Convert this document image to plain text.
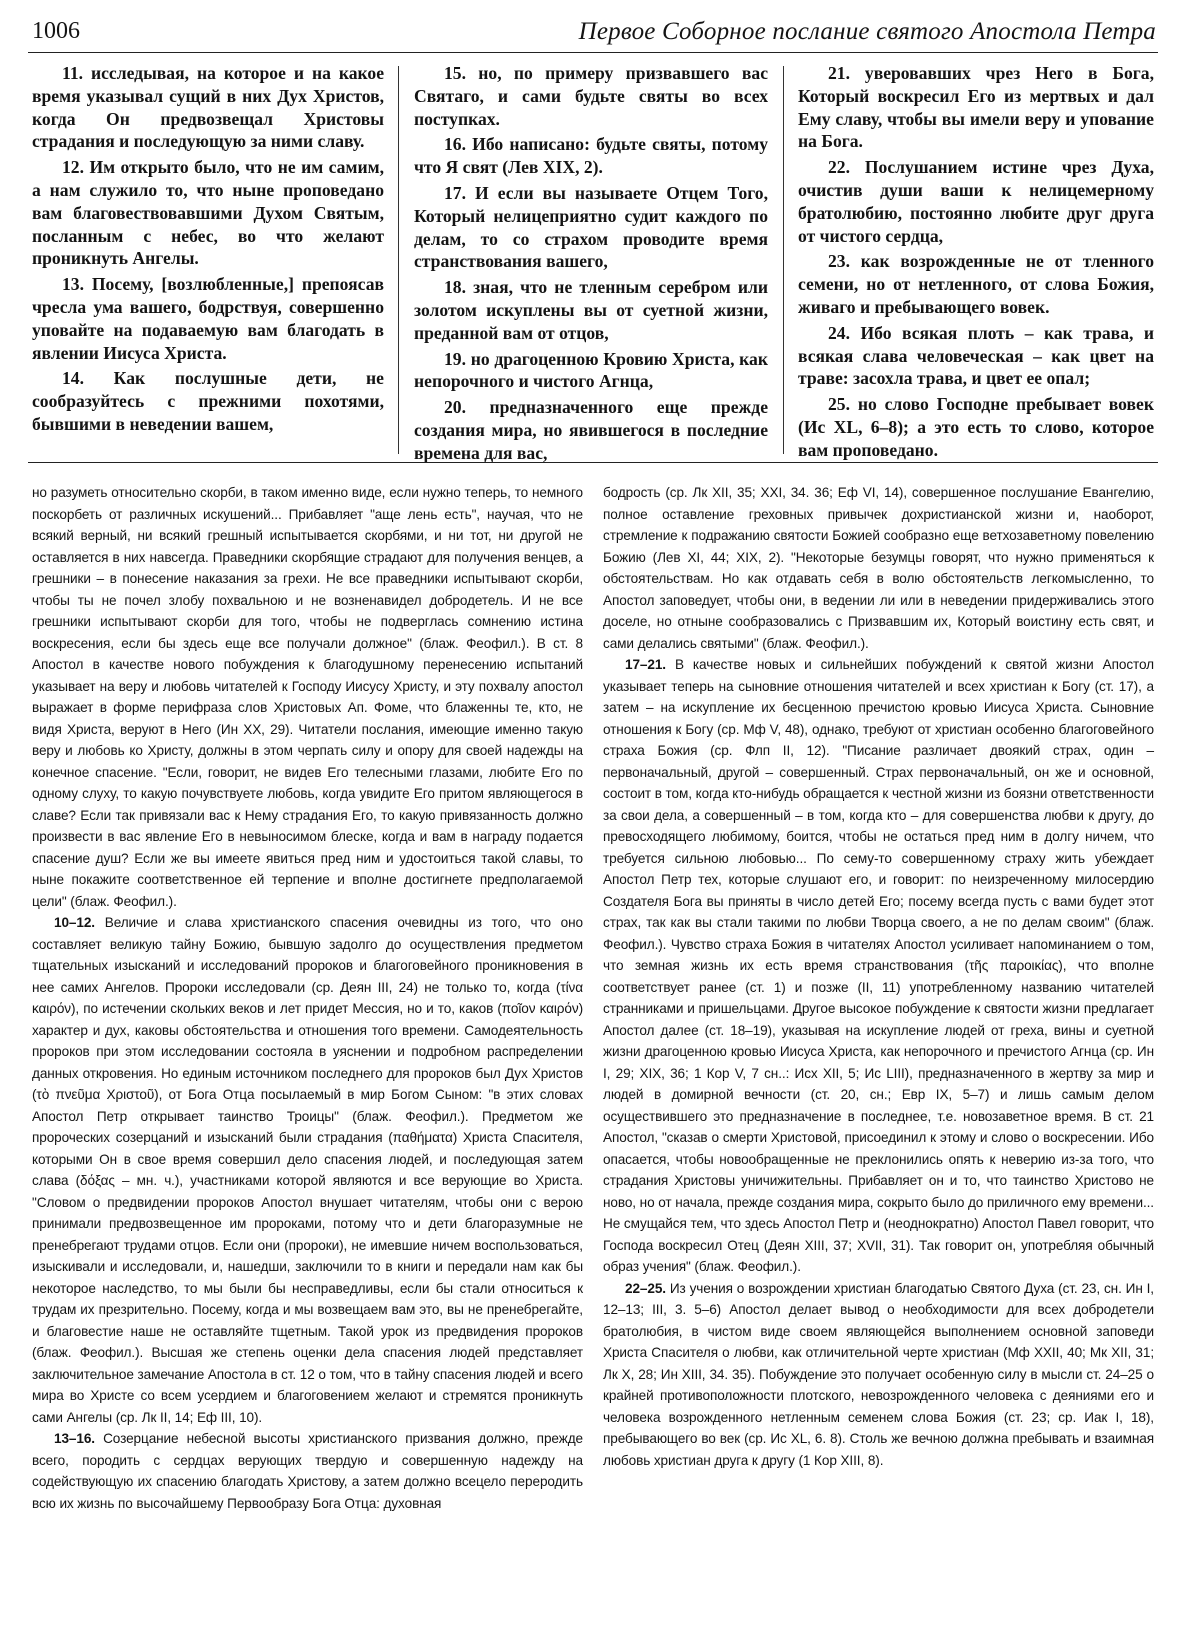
1006	Первое Соборное послание святого Апостола Петра

11. исследывая, на которое и на какое время указывал сущий в них Дух Христов, когда Он предвозвещал Христовы страдания и последующую за ними славу.

12. Им открыто было, что не им самим, а нам служило то, что ныне проповедано вам благовествовавшими Духом Святым, посланным с небес, во что желают проникнуть Ангелы.

13. Посему, [возлюбленные,] препоясав чресла ума вашего, бодрствуя, совершенно уповайте на подаваемую вам благодать в явлении Иисуса Христа.

14. Как послушные дети, не сообразуйтесь с прежними похотями, бывшими в неведении вашем,

15. но, по примеру призвавшего вас Святаго, и сами будьте святы во всех поступках.

16. Ибо написано: будьте святы, потому что Я свят (Лев XIX, 2).

17. И если вы называете Отцем Того, Который нелицеприятно судит каждого по делам, то со страхом проводите время странствования вашего,

18. зная, что не тленным серебром или золотом искуплены вы от суетной жизни, преданной вам от отцов,

19. но драгоценною Кровию Христа, как непорочного и чистого Агнца,

20. предназначенного еще прежде создания мира, но явившегося в последние времена для вас,

21. уверовавших чрез Него в Бога, Который воскресил Его из мертвых и дал Ему славу, чтобы вы имели веру и упование на Бога.

22. Послушанием истине чрез Духа, очистив души ваши к нелицемерному братолюбию, постоянно любите друг друга от чистого сердца,

23. как возрожденные не от тленного семени, но от нетленного, от слова Божия, живаго и пребывающего вовек.

24. Ибо всякая плоть – как трава, и всякая слава человеческая – как цвет на траве: засохла трава, и цвет ее опал;

25. но слово Господне пребывает вовек (Ис XL, 6–8); а это есть то слово, которое вам проповедано.

но разуметь относительно скорби, в таком именно виде, если нужно теперь, то немного поскорбеть от различных искушений... Прибавляет "аще лень есть", научая, что не всякий верный, ни всякий грешный испытывается скорбями, и ни тот, ни другой не оставляется в них навсегда. Праведники скорбящие страдают для получения венцев, а грешники – в понесение наказания за грехи. Не все праведники испытывают скорби, чтобы ты не почел злобу похвальною и не возненавидел добродетель. И не все грешники испытывают скорби для того, чтобы не подверглась сомнению истина воскресения, если бы здесь еще все получали должное" (блаж. Феофил.). В ст. 8 Апостол в качестве нового побуждения к благодушному перенесению испытаний указывает на веру и любовь читателей к Господу Иисусу Христу, и эту похвалу апостол выражает в форме перифраза слов Христовых Ап. Фоме, что блаженны те, кто, не видя Христа, веруют в Него (Ин XX, 29). Читатели послания, имеющие именно такую веру и любовь ко Христу, должны в этом черпать силу и опору для своей надежды на конечное спасение. "Если, говорит, не видев Его телесными глазами, любите Его по одному слуху, то какую почувствуете любовь, когда увидите Его притом являющегося в славе? Если так привязали вас к Нему страдания Его, то какую привязанность должно произвести в вас явление Его в невыносимом блеске, когда и вам в награду подается спасение душ? Если же вы имеете явиться пред ним и удостоиться такой славы, то ныне покажите соответственное ей терпение и вполне достигнете предполагаемой цели" (блаж. Феофил.).

10–12. Величие и слава христианского спасения очевидны из того, что оно составляет великую тайну Божию, бывшую задолго до осуществления предметом тщательных изысканий и исследований пророков и благоговейного проникновения в нее самих Ангелов. Пророки исследовали (ср. Деян III, 24) не только то, когда (τίνα καιρόν), по истечении скольких веков и лет придет Мессия, но и то, каков (ποῖον καιρόν) характер и дух, каковы обстоятельства и отношения того времени. Самодеятельность пророков при этом исследовании состояла в уяснении и подробном распределении данных откровения. Но единым источником последнего для пророков был Дух Христов (τὸ πνεῦμα Χριστοῦ), от Бога Отца посылаемый в мир Богом Сыном: "в этих словах Апостол Петр открывает таинство Троицы" (блаж. Феофил.). Предметом же пророческих созерцаний и изысканий были страдания (παθήματα) Христа Спасителя, которыми Он в свое время совершил дело спасения людей, и последующая затем слава (δόξας – мн. ч.), участниками которой являются и все верующие во Христа. "Словом о предвидении пророков Апостол внушает читателям, чтобы они с верою принимали предвозвещенное им пророками, потому что и дети благоразумные не пренебрегают трудами отцов. Если они (пророки), не имевшие ничем воспользоваться, изыскивали и исследовали, и, нашедши, заключили то в книги и передали нам как бы некоторое наследство, то мы были бы несправедливы, если бы стали относиться к трудам их презрительно. Посему, когда и мы возвещаем вам это, вы не пренебрегайте, и благовестие наше не оставляйте тщетным. Такой урок из предвидения пророков (блаж. Феофил.). Высшая же степень оценки дела спасения людей представляет заключительное замечание Апостола в ст. 12 о том, что в тайну спасения людей и всего мира во Христе со всем усердием и благоговением желают и стремятся проникнуть сами Ангелы (ср. Лк II, 14; Еф III, 10).

13–16. Созерцание небесной высоты христианского призвания должно, прежде всего, породить с сердцах верующих твердую и совершенную надежду на содействующую их спасению благодать Христову, а затем должно всецело переродить всю их жизнь по высочайшему Первообразу Бога Отца: духовная

бодрость (ср. Лк XII, 35; XXI, 34. 36; Еф VI, 14), совершенное послушание Евангелию, полное оставление греховных привычек дохристианской жизни и, наоборот, стремление к подражанию святости Божией сообразно еще ветхозаветному повелению Божию (Лев XI, 44; XIX, 2). "Некоторые безумцы говорят, что нужно применяться к обстоятельствам. Но как отдавать себя в волю обстоятельств легкомысленно, то Апостол заповедует, чтобы они, в ведении ли или в неведении придерживались этого доселе, но отныне сообразовались с Призвавшим их, Который воистину есть свят, и сами делались святыми" (блаж. Феофил.).

17–21. В качестве новых и сильнейших побуждений к святой жизни Апостол указывает теперь на сыновние отношения читателей и всех христиан к Богу (ст. 17), а затем – на искупление их бесценною пречистою кровью Иисуса Христа. Сыновние отношения к Богу (ср. Мф V, 48), однако, требуют от христиан особенно благоговейного страха Божия (ср. Флп II, 12). "Писание различает двоякий страх, один – первоначальный, другой – совершенный. Страх первоначальный, он же и основной, состоит в том, когда кто-нибудь обращается к честной жизни из боязни ответственности за свои дела, а совершенный – в том, когда кто – для совершенства любви к другу, до превосходящего любимому, боится, чтобы не остаться пред ним в долгу ничем, что требуется сильною любовью... По сему-то совершенному страху жить убеждает Апостол Петр тех, которые слушают его, и говорит: по неизреченному милосердию Создателя Бога вы приняты в число детей Его; посему всегда пусть с вами будет этот страх, так как вы стали такими по любви Творца своего, а не по делам своим" (блаж. Феофил.). Чувство страха Божия в читателях Апостол усиливает напоминанием о том, что земная жизнь их есть время странствования (τῆς παροικίας), что вполне соответствует ранее (ст. 1) и позже (II, 11) употребленному названию читателей странниками и пришельцами. Другое высокое побуждение к святости жизни предлагает Апостол далее (ст. 18–19), указывая на искупление людей от греха, вины и суетной жизни драгоценною кровью Иисуса Христа, как непорочного и пречистого Агнца (ср. Ин I, 29; XIX, 36; 1 Кор V, 7 сн..: Исх XII, 5; Ис LIII), предназначенного в жертву за мир и людей в домирной вечности (ст. 20, сн.; Евр IX, 5–7) и лишь самым делом осуществившего это предназначение в последнее, т.е. новозаветное время. В ст. 21 Апостол, "сказав о смерти Христовой, присоединил к этому и слово о воскресении. Ибо опасается, чтобы новообращенные не преклонились опять к неверию из-за того, что страдания Христовы уничижительны. Прибавляет он и то, что таинство Христово не ново, но от начала, прежде создания мира, сокрыто было до приличного ему времени... Не смущайся тем, что здесь Апостол Петр и (неоднократно) Апостол Павел говорит, что Господа воскресил Отец (Деян XIII, 37; XVII, 31). Так говорит он, употребляя обычный образ учения" (блаж. Феофил.).

22–25. Из учения о возрождении христиан благодатью Святого Духа (ст. 23, сн. Ин I, 12–13; III, 3. 5–6) Апостол делает вывод о необходимости для всех добродетели братолюбия, в чистом виде своем являющейся выполнением основной заповеди Христа Спасителя о любви, как отличительной черте христиан (Мф XXII, 40; Мк XII, 31; Лк X, 28; Ин XIII, 34. 35). Побуждение это получает особенную силу в мысли ст. 24–25 о крайней противоположности плотского, невозрожденного человека с деяниями его и человека возрожденного нетленным семенем слова Божия (ст. 23; ср. Иак I, 18), пребывающего во век (ср. Ис XL, 6. 8). Столь же вечною должна пребывать и взаимная любовь христиан друга к другу (1 Кор XIII, 8).
